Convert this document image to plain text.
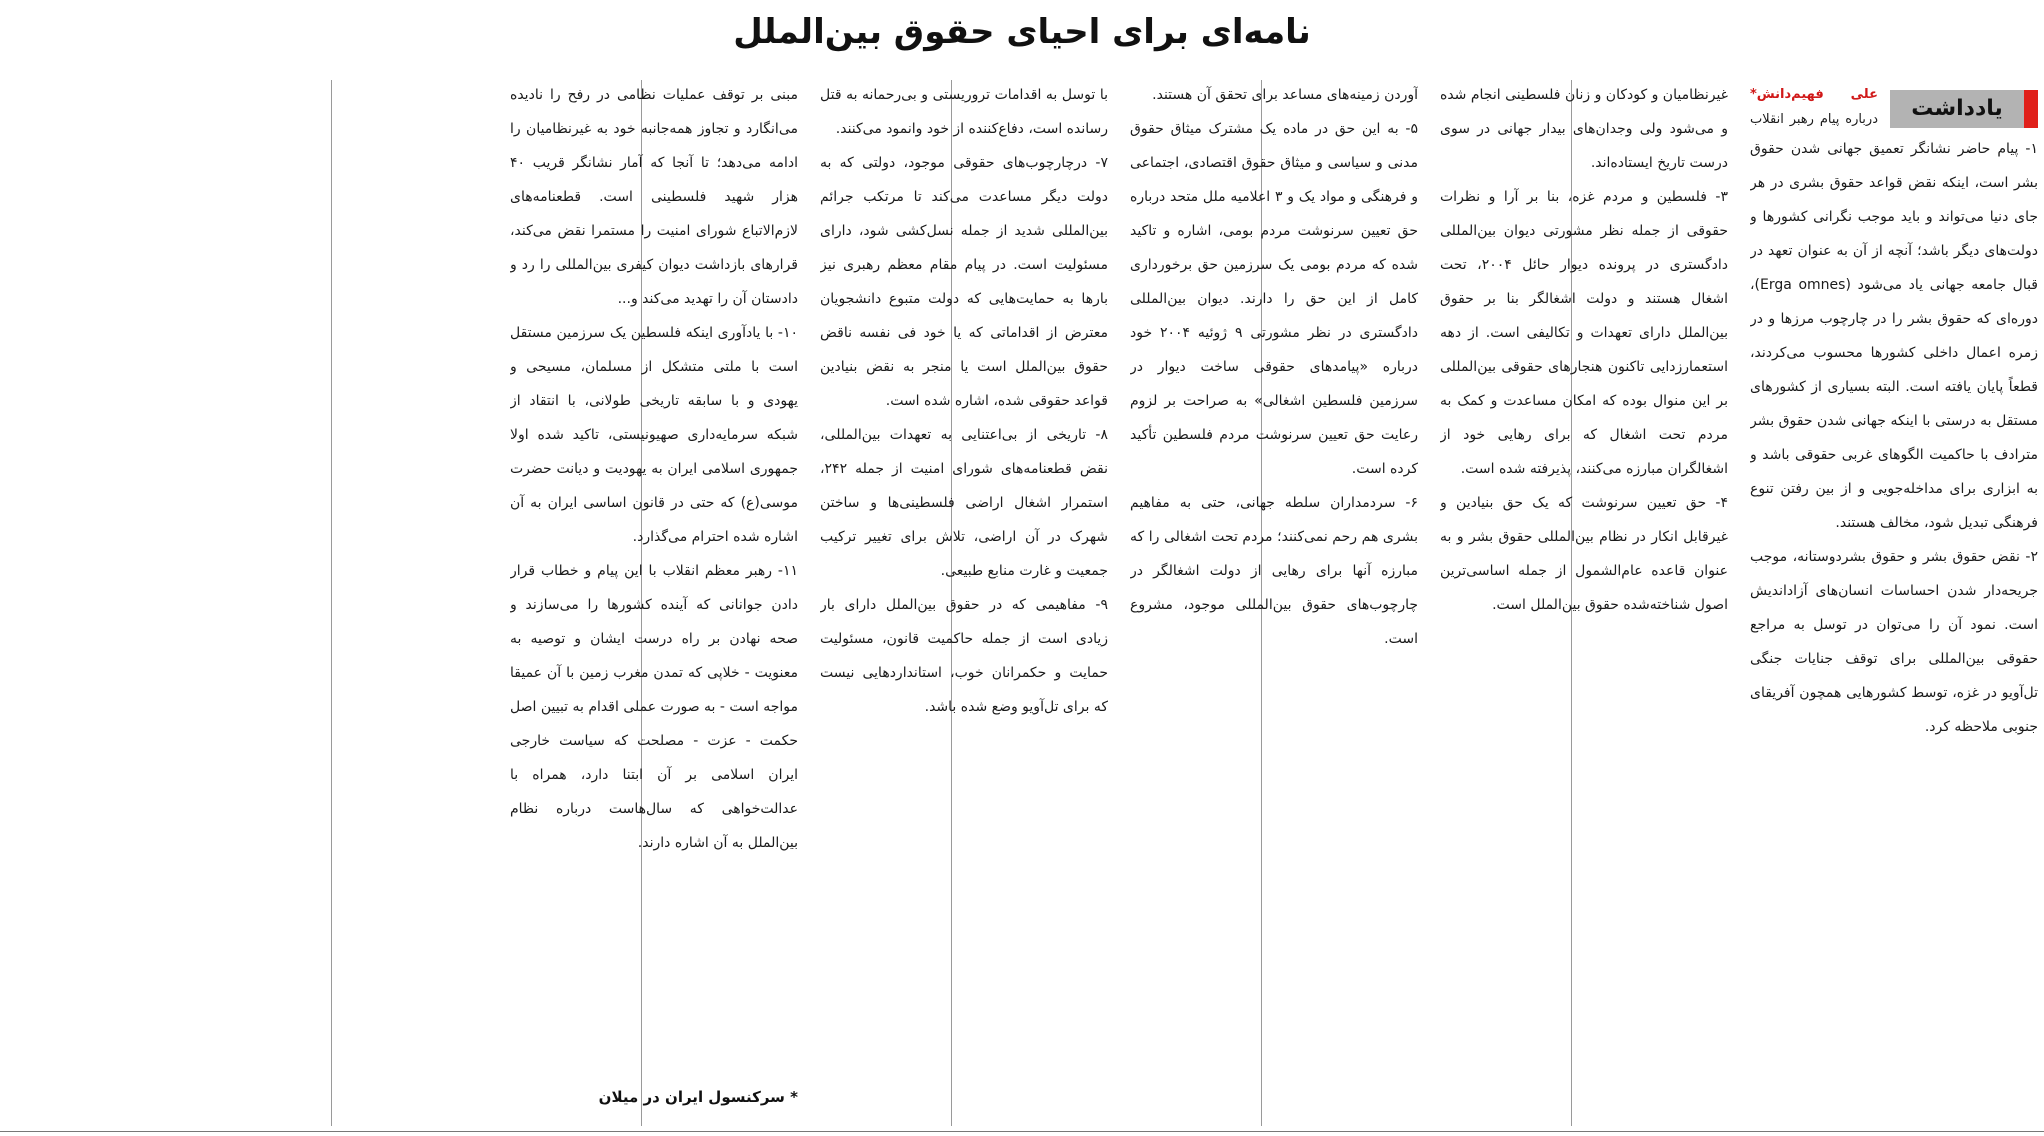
نامه‌ای برای احیای حقوق بین‌الملل
یادداشت

۱- پیام حاضر نشانگر تعمیق جهانی شدن حقوق بشر است، اینکه نقض قواعد حقوق بشری در هر جای دنیا می‌تواند و باید موجب نگرانی کشورها و دولت‌های دیگر باشد؛ آنچه از آن به عنوان تعهد در قبال جامعه جهانی یاد می‌شود (Erga omnes)، دوره‌ای که حقوق بشر را در چارچوب مرزها و در زمره اعمال داخلی کشورها محسوب می‌کردند، قطعاً پایان یافته است. البته بسیاری از کشورهای مستقل به درستی با اینکه جهانی شدن حقوق بشر مترادف با حاکمیت الگوهای غربی حقوقی باشد و به ابزاری برای مداخله‌جویی و از بین رفتن تنوع فرهنگی تبدیل شود، مخالف هستند.

۲- نقض حقوق بشر و حقوق بشردوستانه، موجب جریحه‌دار شدن احساسات انسان‌های آزاداندیش است. نمود آن را می‌توان در توسل به مراجع حقوقی بین‌المللی برای توقف جنایات جنگی تل‌آویو در غزه، توسط کشورهایی همچون آفریقای جنوبی ملاحظه کرد.

علی فهیم‌دانش* درباره پیام رهبر انقلاب

غیرنظامیان و کودکان و زنان فلسطینی انجام شده و می‌شود ولی وجدان‌های بیدار جهانی در سوی درست تاریخ ایستاده‌اند.

۳- فلسطین و مردم غزه، بنا بر آرا و نظرات حقوقی از جمله نظر مشورتی دیوان بین‌المللی دادگستری در پرونده دیوار حائل ۲۰۰۴، تحت اشغال هستند و دولت اشغالگر بنا بر حقوق بین‌الملل دارای تعهدات و تکالیفی است. از دهه استعمارزدایی تاکنون هنجارهای حقوقی بین‌المللی بر این منوال بوده که امکان مساعدت و کمک به مردم تحت اشغال که برای رهایی خود از اشغالگران مبارزه می‌کنند، پذیرفته شده است.

۴- حق تعیین سرنوشت که یک حق بنیادین و غیرقابل انکار در نظام بین‌المللی حقوق بشر و به عنوان قاعده عام‌الشمول از جمله اساسی‌ترین اصول شناخته‌شده حقوق بین‌الملل است.

آوردن زمینه‌های مساعد برای تحقق آن هستند.

۵- به این حق در ماده یک مشترک میثاق حقوق مدنی و سیاسی و میثاق حقوق اقتصادی، اجتماعی و فرهنگی و مواد یک و ۳ اعلامیه ملل متحد درباره حق تعیین سرنوشت مردم بومی، اشاره و تاکید شده که مردم بومی یک سرزمین حق برخورداری کامل از این حق را دارند. دیوان بین‌المللی دادگستری در نظر مشورتی ۹ ژوئیه ۲۰۰۴ خود درباره «پیامدهای حقوقی ساخت دیوار در سرزمین فلسطین اشغالی» به صراحت بر لزوم رعایت حق تعیین سرنوشت مردم فلسطین تأکید کرده است.

۶- سردمداران سلطه جهانی، حتی به مفاهیم بشری هم رحم نمی‌کنند؛ مردم تحت اشغالی را که مبارزه آنها برای رهایی از دولت اشغالگر در چارچوب‌های حقوق بین‌المللی موجود، مشروع است.

با توسل به اقدامات تروریستی و بی‌رحمانه به قتل رسانده است، دفاع‌کننده از خود وانمود می‌کنند.

۷- درچارچوب‌های حقوقی موجود، دولتی که به دولت دیگر مساعدت می‌کند تا مرتکب جرائم بین‌المللی شدید از جمله نسل‌کشی شود، دارای مسئولیت است. در پیام مقام معظم رهبری نیز بارها به حمایت‌هایی که دولت متبوع دانشجویان معترض از اقداماتی که یا خود فی نفسه ناقض حقوق بین‌الملل است یا منجر به نقض بنیادین قواعد حقوقی شده، اشاره شده است.

۸- تاریخی از بی‌اعتنایی به تعهدات بین‌المللی، نقض قطعنامه‌های شورای امنیت از جمله ۲۴۲، استمرار اشغال اراضی فلسطینی‌ها و ساختن شهرک در آن اراضی، تلاش برای تغییر ترکیب جمعیت و غارت منابع طبیعی.

۹- مفاهیمی که در حقوق بین‌الملل دارای بار زیادی است از جمله حاکمیت قانون، مسئولیت حمایت و حکمرانان خوب، استانداردهایی نیست که برای تل‌آویو وضع شده باشد.

مبنی بر توقف عملیات نظامی در رفح را نادیده می‌انگارد و تجاوز همه‌جانبه خود به غیرنظامیان را ادامه می‌دهد؛ تا آنجا که آمار نشانگر قریب ۴۰ هزار شهید فلسطینی است. قطعنامه‌های لازم‌الاتباع شورای امنیت را مستمرا نقض می‌کند، قرارهای بازداشت دیوان کیفری بین‌المللی را رد و دادستان آن را تهدید می‌کند و...

۱۰- با یادآوری اینکه فلسطین یک سرزمین مستقل است با ملتی متشکل از مسلمان، مسیحی و یهودی و با سابقه تاریخی طولانی، با انتقاد از شبکه سرمایه‌داری صهیونیستی، تاکید شده اولا جمهوری اسلامی ایران به یهودیت و دیانت حضرت موسی(ع) که حتی در قانون اساسی ایران به آن اشاره شده احترام می‌گذارد.

۱۱- رهبر معظم انقلاب با این پیام و خطاب قرار دادن جوانانی که آینده کشورها را می‌سازند و صحه نهادن بر راه درست ایشان و توصیه به معنویت - خلاپی که تمدن مغرب زمین با آن عمیقا مواجه است - به صورت عملی اقدام به تبیین اصل حکمت - عزت - مصلحت که سیاست خارجی ایران اسلامی بر آن ابتنا دارد، همراه با عدالت‌خواهی که سال‌هاست درباره نظام بین‌الملل به آن اشاره دارند.

* سرکنسول ایران در میلان
